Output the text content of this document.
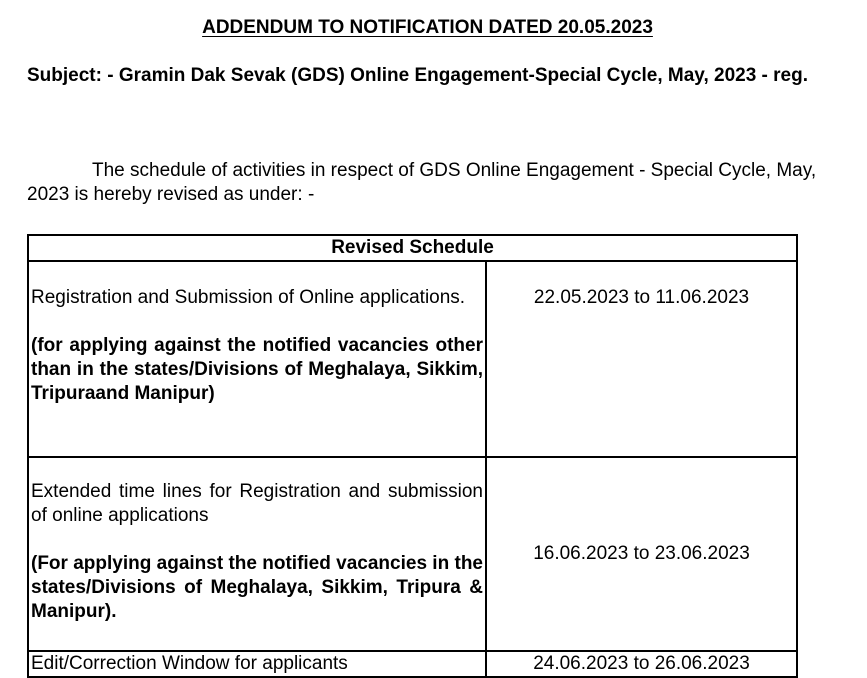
ADDENDUM TO NOTIFICATION DATED 20.05.2023
Subject: - Gramin Dak Sevak (GDS) Online Engagement-Special Cycle, May, 2023 - reg.
The schedule of activities in respect of GDS Online Engagement - Special Cycle, May, 2023 is hereby revised as under: -
Revised Schedule	

Registration and Submission of Online applications.
(for applying against the notified vacancies other than in the states/Divisions of Meghalaya, Sikkim, Tripuraand Manipur)	22.05.2023 to 11.06.2023

Extended time lines for Registration and submission of online applications
(For applying against the notified vacancies in the states/Divisions of Meghalaya, Sikkim, Tripura & Manipur).	16.06.2023 to 23.06.2023

Edit/Correction Window for applicants	24.06.2023 to 26.06.2023
